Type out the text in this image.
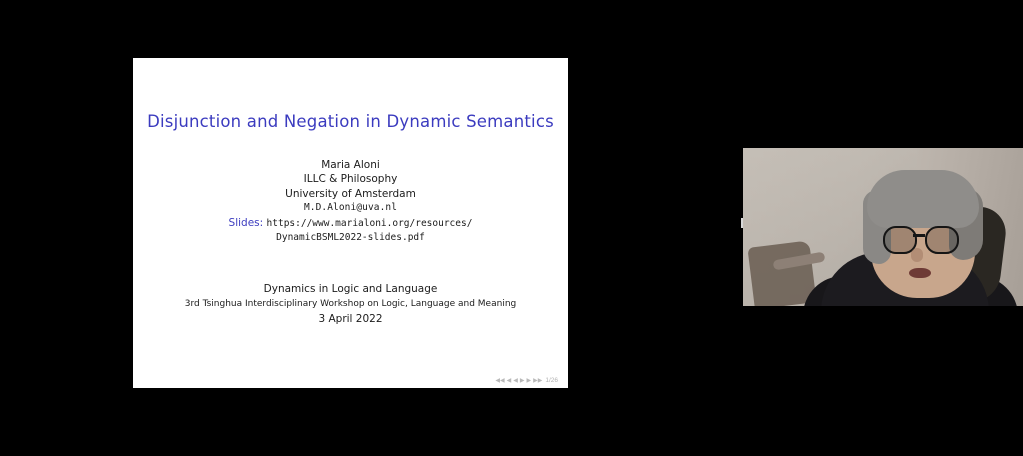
Disjunction and Negation in Dynamic Semantics
Maria Aloni
ILLC & Philosophy
University of Amsterdam
M.D.Aloni@uva.nl
Slides: https://www.marialoni.org/resources/
DynamicBSML2022-slides.pdf
Dynamics in Logic and Language
3rd Tsinghua Interdisciplinary Workshop on Logic, Language and Meaning
3 April 2022
◀◀ ◀ ◀ ▶ ▶ ▶▶ 1/26
